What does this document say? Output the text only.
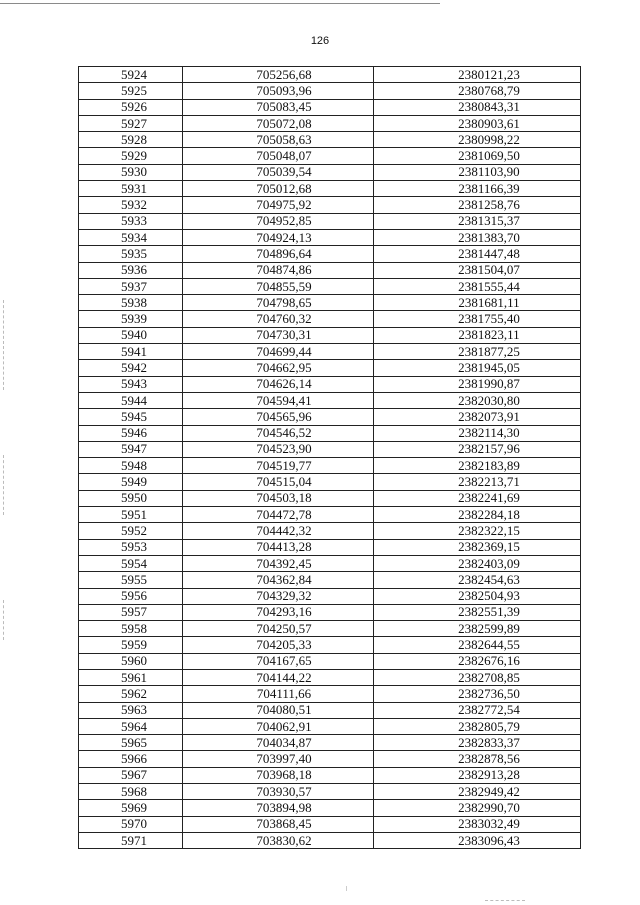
126
5924	705256,68	2380121,23
5925	705093,96	2380768,79
5926	705083,45	2380843,31
5927	705072,08	2380903,61
5928	705058,63	2380998,22
5929	705048,07	2381069,50
5930	705039,54	2381103,90
5931	705012,68	2381166,39
5932	704975,92	2381258,76
5933	704952,85	2381315,37
5934	704924,13	2381383,70
5935	704896,64	2381447,48
5936	704874,86	2381504,07
5937	704855,59	2381555,44
5938	704798,65	2381681,11
5939	704760,32	2381755,40
5940	704730,31	2381823,11
5941	704699,44	2381877,25
5942	704662,95	2381945,05
5943	704626,14	2381990,87
5944	704594,41	2382030,80
5945	704565,96	2382073,91
5946	704546,52	2382114,30
5947	704523,90	2382157,96
5948	704519,77	2382183,89
5949	704515,04	2382213,71
5950	704503,18	2382241,69
5951	704472,78	2382284,18
5952	704442,32	2382322,15
5953	704413,28	2382369,15
5954	704392,45	2382403,09
5955	704362,84	2382454,63
5956	704329,32	2382504,93
5957	704293,16	2382551,39
5958	704250,57	2382599,89
5959	704205,33	2382644,55
5960	704167,65	2382676,16
5961	704144,22	2382708,85
5962	704111,66	2382736,50
5963	704080,51	2382772,54
5964	704062,91	2382805,79
5965	704034,87	2382833,37
5966	703997,40	2382878,56
5967	703968,18	2382913,28
5968	703930,57	2382949,42
5969	703894,98	2382990,70
5970	703868,45	2383032,49
5971	703830,62	2383096,43
